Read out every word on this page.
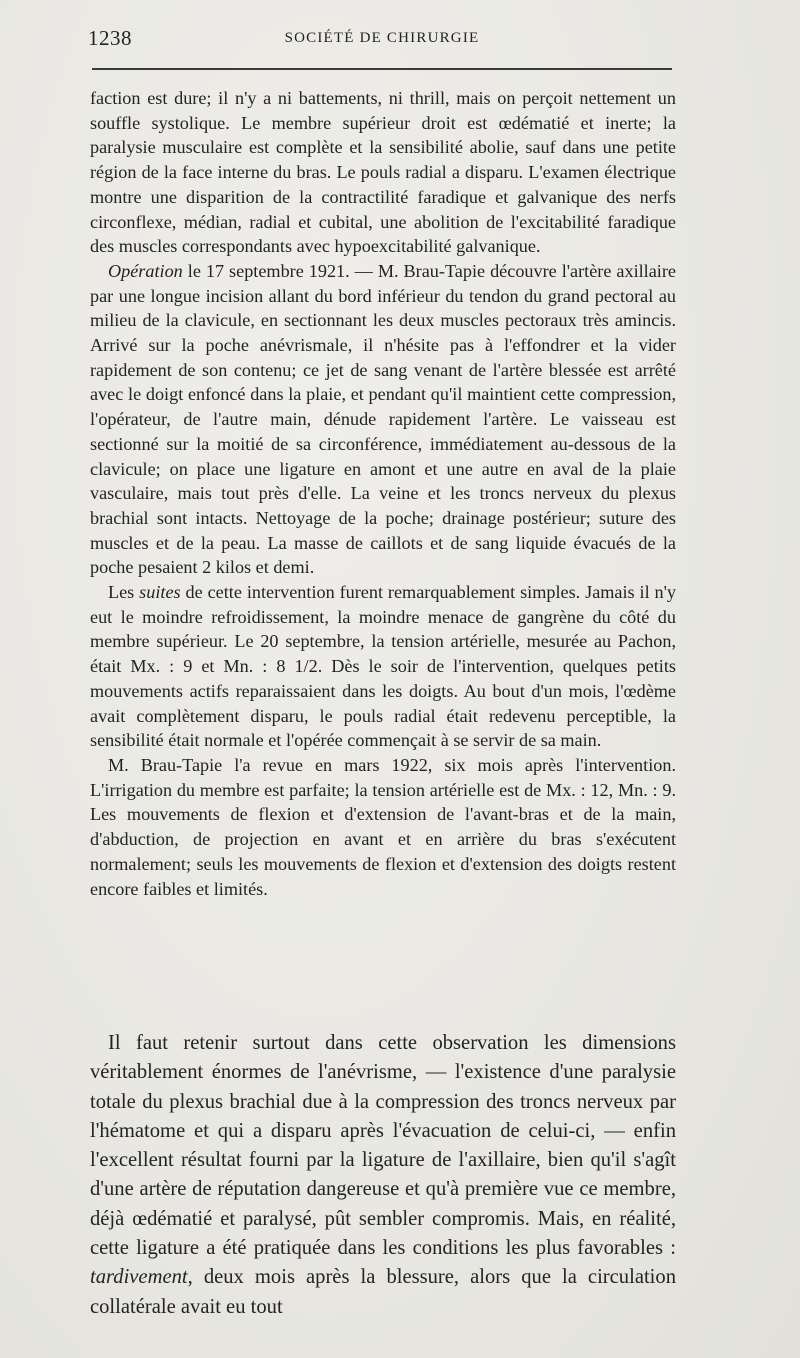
1238	SOCIÉTÉ DE CHIRURGIE

faction est dure; il n'y a ni battements, ni thrill, mais on perçoit nettement un souffle systolique. Le membre supérieur droit est œdématié et inerte; la paralysie musculaire est complète et la sensibilité abolie, sauf dans une petite région de la face interne du bras. Le pouls radial a disparu. L'examen électrique montre une disparition de la contractilité faradique et galvanique des nerfs circonflexe, médian, radial et cubital, une abolition de l'excitabilité faradique des muscles correspondants avec hypoexcitabilité galvanique.

Opération le 17 septembre 1921. — M. Brau-Tapie découvre l'artère axillaire par une longue incision allant du bord inférieur du tendon du grand pectoral au milieu de la clavicule, en sectionnant les deux muscles pectoraux très amincis. Arrivé sur la poche anévrismale, il n'hésite pas à l'effondrer et la vider rapidement de son contenu; ce jet de sang venant de l'artère blessée est arrêté avec le doigt enfoncé dans la plaie, et pendant qu'il maintient cette compression, l'opérateur, de l'autre main, dénude rapidement l'artère. Le vaisseau est sectionné sur la moitié de sa circonférence, immédiatement au-dessous de la clavicule; on place une ligature en amont et une autre en aval de la plaie vasculaire, mais tout près d'elle. La veine et les troncs nerveux du plexus brachial sont intacts. Nettoyage de la poche; drainage postérieur; suture des muscles et de la peau. La masse de caillots et de sang liquide évacués de la poche pesaient 2 kilos et demi.

Les suites de cette intervention furent remarquablement simples. Jamais il n'y eut le moindre refroidissement, la moindre menace de gangrène du côté du membre supérieur. Le 20 septembre, la tension artérielle, mesurée au Pachon, était Mx. : 9 et Mn. : 8 1/2. Dès le soir de l'intervention, quelques petits mouvements actifs reparaissaient dans les doigts. Au bout d'un mois, l'œdème avait complètement disparu, le pouls radial était redevenu perceptible, la sensibilité était normale et l'opérée commençait à se servir de sa main.

M. Brau-Tapie l'a revue en mars 1922, six mois après l'intervention. L'irrigation du membre est parfaite; la tension artérielle est de Mx. : 12, Mn. : 9. Les mouvements de flexion et d'extension de l'avant-bras et de la main, d'abduction, de projection en avant et en arrière du bras s'exécutent normalement; seuls les mouvements de flexion et d'extension des doigts restent encore faibles et limités.

Il faut retenir surtout dans cette observation les dimensions véritablement énormes de l'anévrisme, — l'existence d'une paralysie totale du plexus brachial due à la compression des troncs nerveux par l'hématome et qui a disparu après l'évacuation de celui-ci, — enfin l'excellent résultat fourni par la ligature de l'axillaire, bien qu'il s'agît d'une artère de réputation dangereuse et qu'à première vue ce membre, déjà œdématié et paralysé, pût sembler compromis. Mais, en réalité, cette ligature a été pratiquée dans les conditions les plus favorables : tardivement, deux mois après la blessure, alors que la circulation collatérale avait eu tout
